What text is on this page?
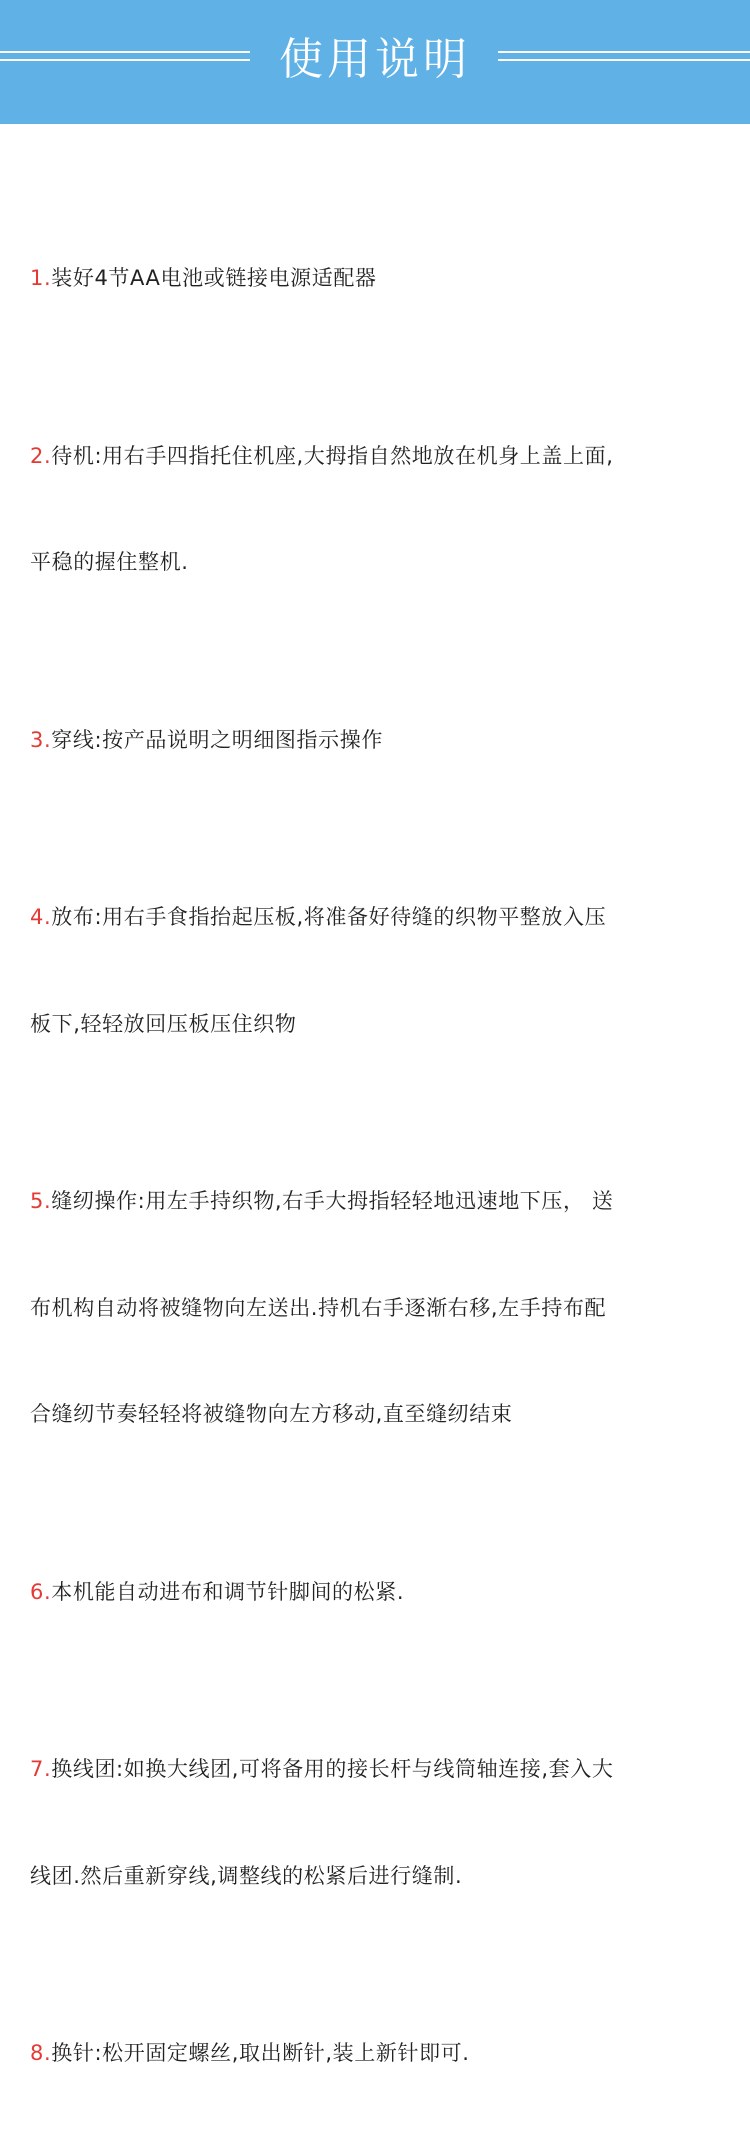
使用说明

1.装好4节AA电池或链接电源适配器

2.待机:用右手四指托住机座,大拇指自然地放在机身上盖上面,

平稳的握住整机.

3.穿线:按产品说明之明细图指示操作

4.放布:用右手食指抬起压板,将准备好待缝的织物平整放入压

板下,轻轻放回压板压住织物

5.缝纫操作:用左手持织物,右手大拇指轻轻地迅速地下压， 送

布机构自动将被缝物向左送出.持机右手逐渐右移,左手持布配

合缝纫节奏轻轻将被缝物向左方移动,直至缝纫结束

6.本机能自动进布和调节针脚间的松紧.

7.换线团:如换大线团,可将备用的接长杆与线筒轴连接,套入大

线团.然后重新穿线,调整线的松紧后进行缝制.

8.换针:松开固定螺丝,取出断针,装上新针即可.
